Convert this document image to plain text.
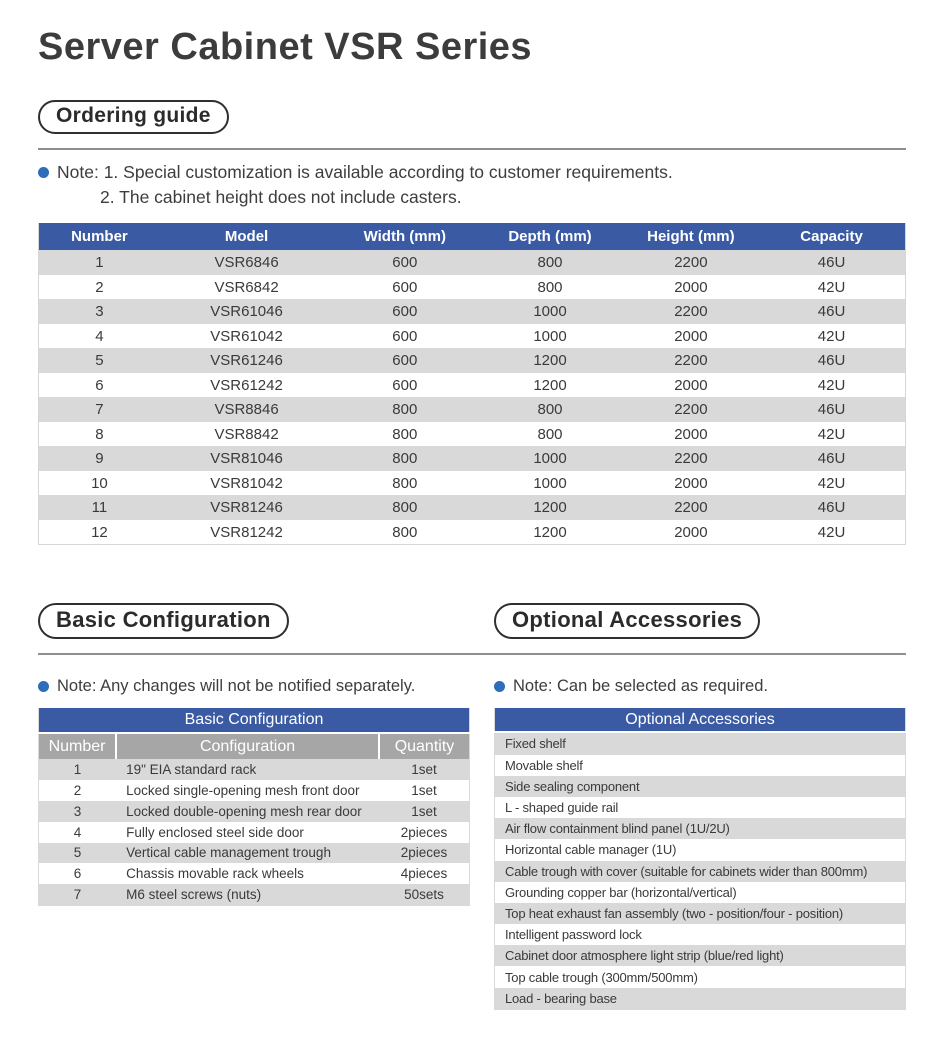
Server Cabinet VSR Series
Ordering guide
Note: 1. Special customization is available according to customer requirements.
2. The cabinet height does not include casters.
Number	Model	Width (mm)	Depth (mm)	Height (mm)	Capacity
1	VSR6846	600	800	2200	46U
2	VSR6842	600	800	2000	42U
3	VSR61046	600	1000	2200	46U
4	VSR61042	600	1000	2000	42U
5	VSR61246	600	1200	2200	46U
6	VSR61242	600	1200	2000	42U
7	VSR8846	800	800	2200	46U
8	VSR8842	800	800	2000	42U
9	VSR81046	800	1000	2200	46U
10	VSR81042	800	1000	2000	42U
11	VSR81246	800	1200	2200	46U
12	VSR81242	800	1200	2000	42U
Basic Configuration	Optional Accessories
Note: Any changes will not be notified separately.
Basic Configuration		
Number	Configuration	Quantity
1	19" EIA standard rack	1set
2	Locked single-opening mesh front door	1set
3	Locked double-opening mesh rear door	1set
4	Fully enclosed steel side door	2pieces
5	Vertical cable management trough	2pieces
6	Chassis movable rack wheels	4pieces
7	M6 steel screws (nuts)	50sets
Note: Can be selected as required.
Optional Accessories
Fixed shelf
Movable shelf
Side sealing component
L - shaped guide rail
Air flow containment blind panel (1U/2U)
Horizontal cable manager (1U)
Cable trough with cover (suitable for cabinets wider than 800mm)
Grounding copper bar (horizontal/vertical)
Top heat exhaust fan assembly (two - position/four - position)
Intelligent password lock
Cabinet door atmosphere light strip (blue/red light)
Top cable trough (300mm/500mm)
Load - bearing base
